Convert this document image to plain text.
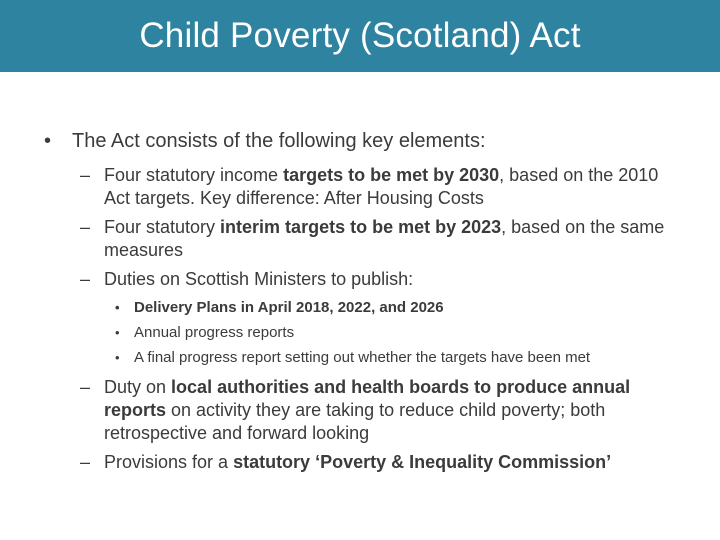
Child Poverty (Scotland) Act

• The Act consists of the following key elements:

– Four statutory income targets to be met by 2030, based on the 2010 Act targets. Key difference: After Housing Costs

– Four statutory interim targets to be met by 2023, based on the same measures

– Duties on Scottish Ministers to publish:

• Delivery Plans in April 2018, 2022, and 2026

• Annual progress reports

• A final progress report setting out whether the targets have been met

– Duty on local authorities and health boards to produce annual reports on activity they are taking to reduce child poverty; both retrospective and forward looking

– Provisions for a statutory ‘Poverty & Inequality Commission’
